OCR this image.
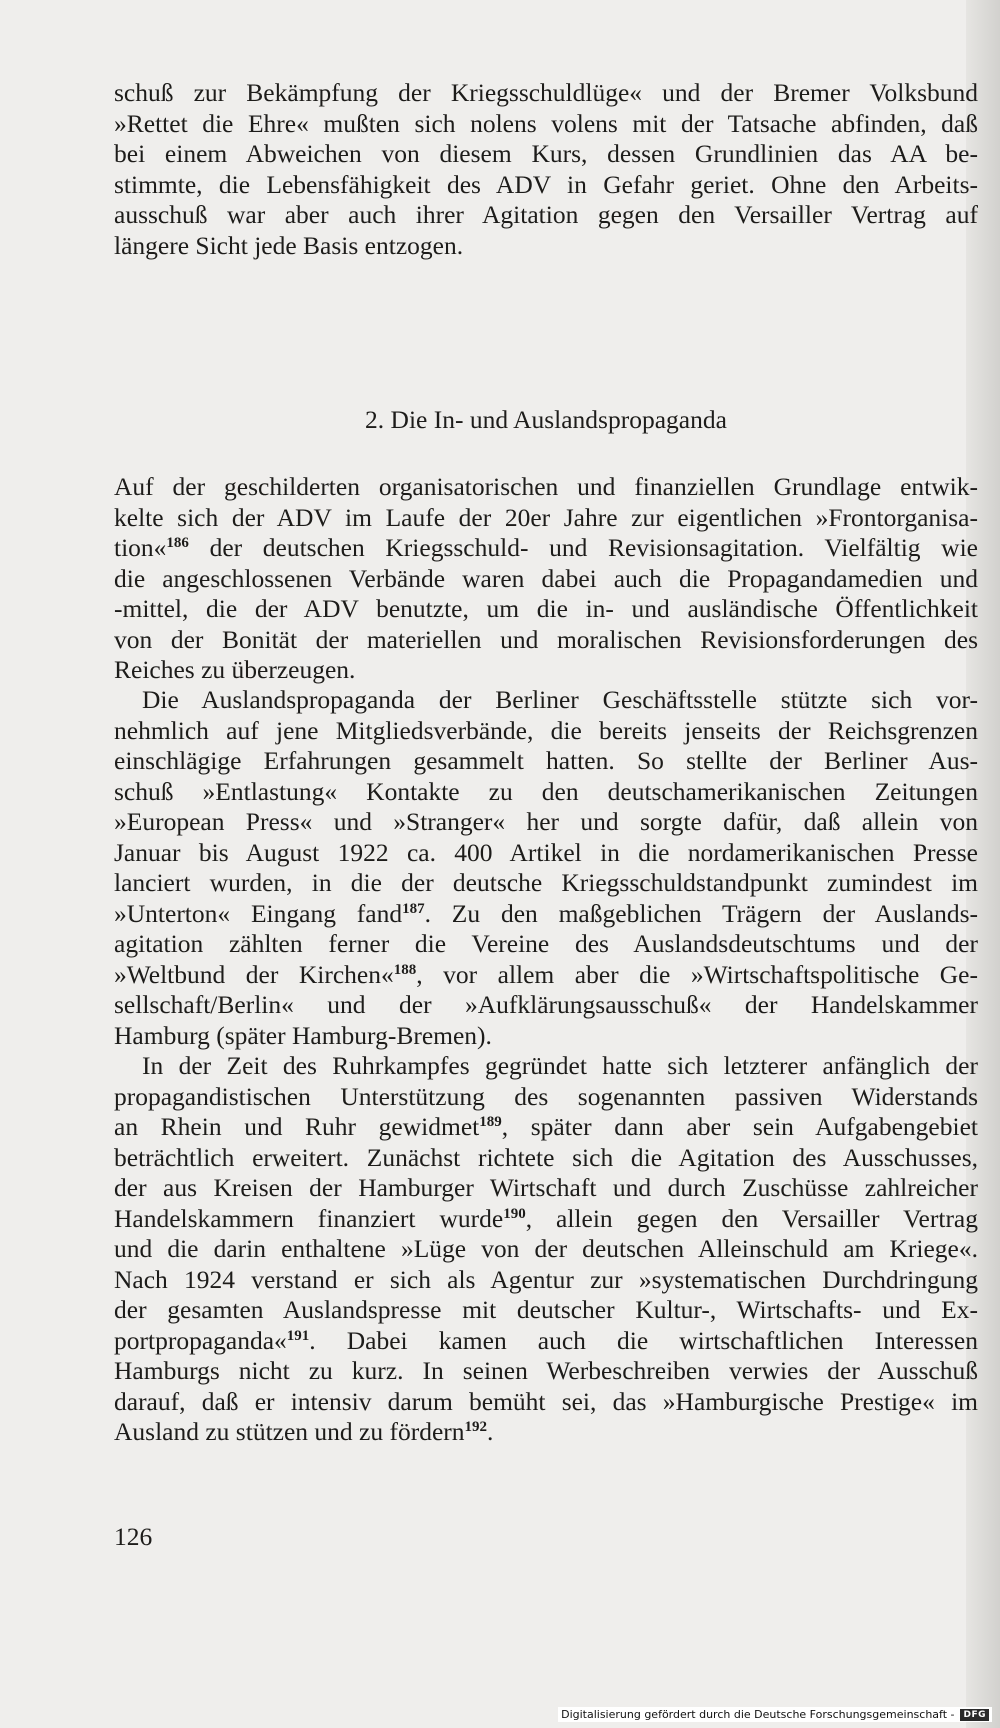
schuß zur Bekämpfung der Kriegsschuldlüge« und der Bremer Volksbund
»Rettet die Ehre« mußten sich nolens volens mit der Tatsache abfinden, daß
bei einem Abweichen von diesem Kurs, dessen Grundlinien das AA be-
stimmte, die Lebensfähigkeit des ADV in Gefahr geriet. Ohne den Arbeits-
ausschuß war aber auch ihrer Agitation gegen den Versailler Vertrag auf
längere Sicht jede Basis entzogen.
2. Die In- und Auslandspropaganda
Auf der geschilderten organisatorischen und finanziellen Grundlage entwik-
kelte sich der ADV im Laufe der 20er Jahre zur eigentlichen »Frontorganisa-
tion«$^{186}$ der deutschen Kriegsschuld- und Revisionsagitation. Vielfältig wie
die angeschlossenen Verbände waren dabei auch die Propagandamedien und
-mittel, die der ADV benutzte, um die in- und ausländische Öffentlichkeit
von der Bonität der materiellen und moralischen Revisionsforderungen des
Reiches zu überzeugen.
Die Auslandspropaganda der Berliner Geschäftsstelle stützte sich vor-
nehmlich auf jene Mitgliedsverbände, die bereits jenseits der Reichsgrenzen
einschlägige Erfahrungen gesammelt hatten. So stellte der Berliner Aus-
schuß »Entlastung« Kontakte zu den deutschamerikanischen Zeitungen
»European Press« und »Stranger« her und sorgte dafür, daß allein von
Januar bis August 1922 ca. 400 Artikel in die nordamerikanischen Presse
lanciert wurden, in die der deutsche Kriegsschuldstandpunkt zumindest im
»Unterton« Eingang fand$^{187}$. Zu den maßgeblichen Trägern der Auslands-
agitation zählten ferner die Vereine des Auslandsdeutschtums und der
»Weltbund der Kirchen«$^{188}$, vor allem aber die »Wirtschaftspolitische Ge-
sellschaft/Berlin« und der »Aufklärungsausschuß« der Handelskammer
Hamburg (später Hamburg-Bremen).
In der Zeit des Ruhrkampfes gegründet hatte sich letzterer anfänglich der
propagandistischen Unterstützung des sogenannten passiven Widerstands
an Rhein und Ruhr gewidmet$^{189}$, später dann aber sein Aufgabengebiet
beträchtlich erweitert. Zunächst richtete sich die Agitation des Ausschusses,
der aus Kreisen der Hamburger Wirtschaft und durch Zuschüsse zahlreicher
Handelskammern finanziert wurde$^{190}$, allein gegen den Versailler Vertrag
und die darin enthaltene »Lüge von der deutschen Alleinschuld am Kriege«.
Nach 1924 verstand er sich als Agentur zur »systematischen Durchdringung
der gesamten Auslandspresse mit deutscher Kultur-, Wirtschafts- und Ex-
portpropaganda«$^{191}$. Dabei kamen auch die wirtschaftlichen Interessen
Hamburgs nicht zu kurz. In seinen Werbeschreiben verwies der Ausschuß
darauf, daß er intensiv darum bemüht sei, das »Hamburgische Prestige« im
Ausland zu stützen und zu fördern$^{192}$.
126
Digitalisierung gefördert durch die Deutsche Forschungsgemeinschaft -	DFG
